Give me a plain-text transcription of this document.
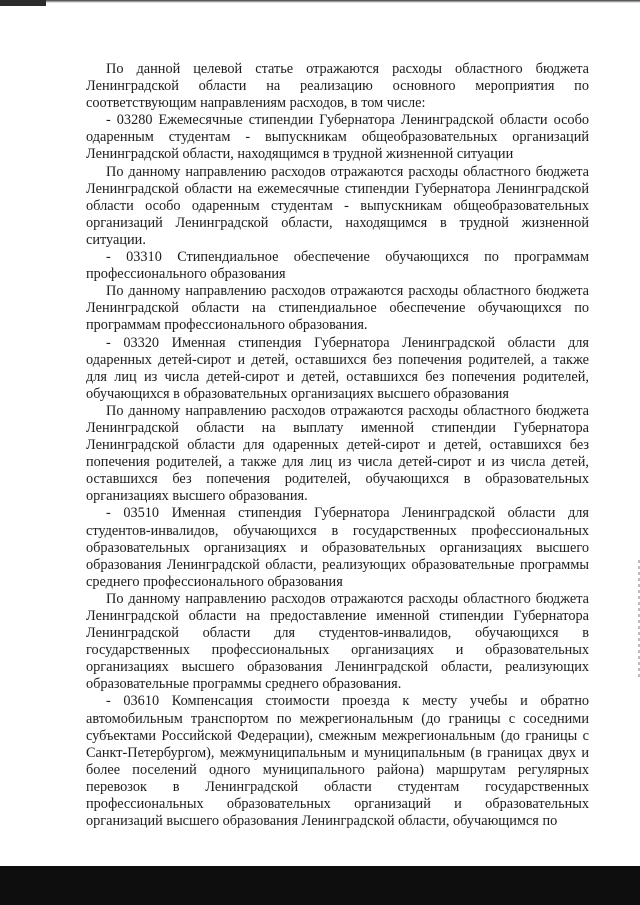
По данной целевой статье отражаются расходы областного бюджета Ленинградской области на реализацию основного мероприятия по соответствующим направлениям расходов, в том числе:

- 03280 Ежемесячные стипендии Губернатора Ленинградской области особо одаренным студентам - выпускникам общеобразовательных организаций Ленинградской области, находящимся в трудной жизненной ситуации

По данному направлению расходов отражаются расходы областного бюджета Ленинградской области на ежемесячные стипендии Губернатора Ленинградской области особо одаренным студентам - выпускникам общеобразовательных организаций Ленинградской области, находящимся в трудной жизненной ситуации.

- 03310 Стипендиальное обеспечение обучающихся по программам профессионального образования

По данному направлению расходов отражаются расходы областного бюджета Ленинградской области на стипендиальное обеспечение обучающихся по программам профессионального образования.

- 03320 Именная стипендия Губернатора Ленинградской области для одаренных детей-сирот и детей, оставшихся без попечения родителей, а также для лиц из числа детей-сирот и детей, оставшихся без попечения родителей, обучающихся в образовательных организациях высшего образования

По данному направлению расходов отражаются расходы областного бюджета Ленинградской области на выплату именной стипендии Губернатора Ленинградской области для одаренных детей-сирот и детей, оставшихся без попечения родителей, а также для лиц из числа детей-сирот и из числа детей, оставшихся без попечения родителей, обучающихся в образовательных организациях высшего образования.

- 03510 Именная стипендия Губернатора Ленинградской области для студентов-инвалидов, обучающихся в государственных профессиональных образовательных организациях и образовательных организациях высшего образования Ленинградской области, реализующих образовательные программы среднего профессионального образования

По данному направлению расходов отражаются расходы областного бюджета Ленинградской области на предоставление именной стипендии Губернатора Ленинградской области для студентов-инвалидов, обучающихся в государственных профессиональных организациях и образовательных организациях высшего образования Ленинградской области, реализующих образовательные программы среднего образования.

- 03610 Компенсация стоимости проезда к месту учебы и обратно автомобильным транспортом по межрегиональным (до границы с соседними субъектами Российской Федерации), смежным межрегиональным (до границы с Санкт-Петербургом), межмуниципальным и муниципальным (в границах двух и более поселений одного муниципального района) маршрутам регулярных перевозок в Ленинградской области студентам государственных профессиональных образовательных организаций и образовательных организаций высшего образования Ленинградской области, обучающимся по
